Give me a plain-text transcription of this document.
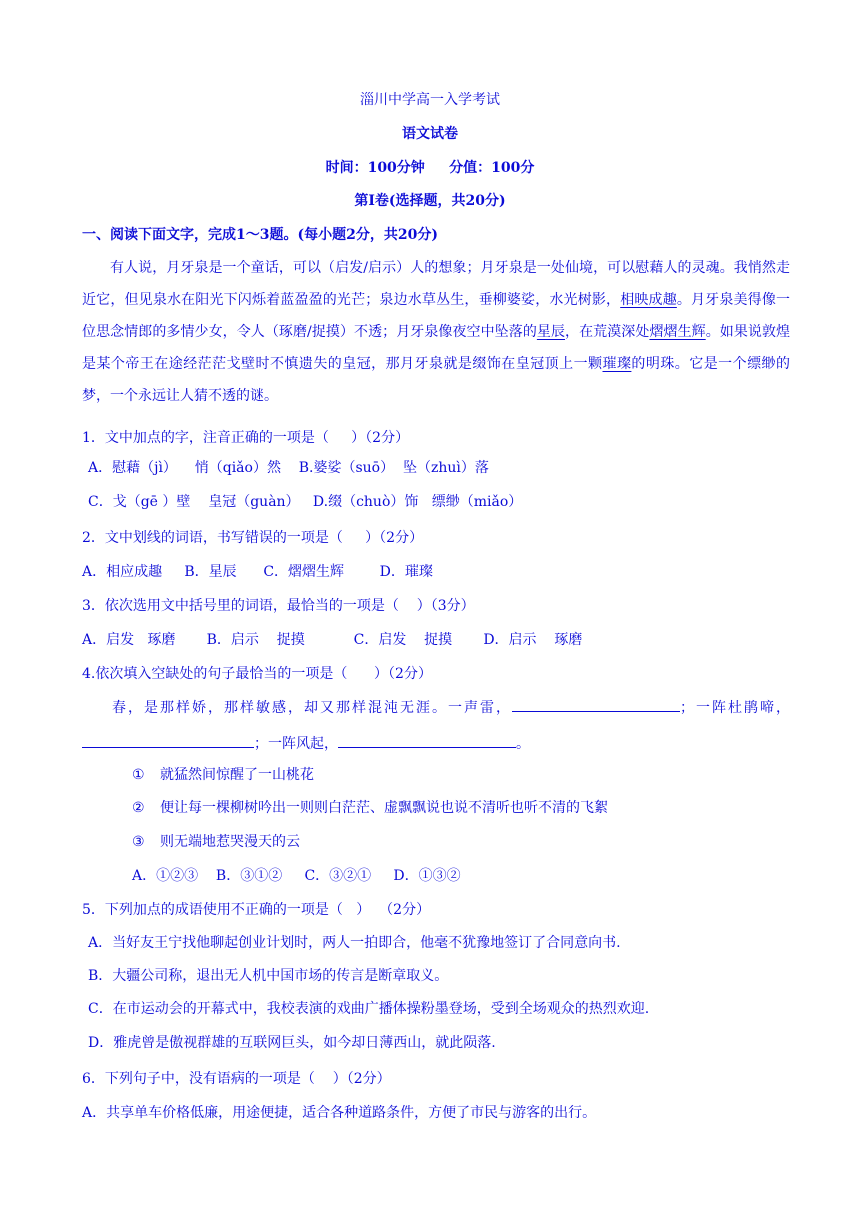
淄川中学高一入学考试
语文试卷
时间：100分钟     分值：100分
第Ⅰ卷(选择题，共20分)
一、阅读下面文字，完成1～3题。(每小题2分，共20分)

有人说，月牙泉是一个童话，可以（启发/启示）人的想象；月牙泉是一处仙境，可以慰藉人的灵魂。我悄然走近它，但见泉水在阳光下闪烁着蓝盈盈的光芒；泉边水草丛生，垂柳婆娑，水光树影，相映成趣。月牙泉美得像一位思念情郎的多情少女，令人（琢磨/捉摸）不透；月牙泉像夜空中坠落的星辰，在荒漠深处熠熠生辉。如果说敦煌是某个帝王在途经茫茫戈壁时不慎遗失的皇冠，那月牙泉就是缀饰在皇冠顶上一颗璀璨的明珠。它是一个缥缈的梦，一个永远让人猜不透的谜。

1．文中加点的字，注音正确的一项是（     ）（2分）
A．慰藉（jì）    悄（qiǎo）然    B.婆娑（suō）  坠（zhuì）落
C．戈（gē ）壁    皇冠（guàn）   D.缀（chuò）饰   缥缈（miǎo）
2．文中划线的词语，书写错误的一项是（     ）（2分）
A．相应成趣     B．星辰      C．熠熠生辉        D．璀璨
3．依次选用文中括号里的词语，最恰当的一项是（    ）（3分）
A．启发   琢磨       B．启示    捉摸           C．启发    捉摸       D．启示    琢磨
4.依次填入空缺处的句子最恰当的一项是（      ）（2分）

春，是那样娇，那样敏感，却又那样混沌无涯。一声雷，	；一阵杜鹃啼，；一阵风起，	。

① 就猛然间惊醒了一山桃花
② 便让每一棵柳树吟出一则则白茫茫、虚飘飘说也说不清听也听不清的飞絮
③ 则无端地惹哭漫天的云
A．①②③    B．③①②     C．③②①     D．①③②
5．下列加点的成语使用不正确的一项是（   ）  （2分）
A．当好友王宁找他聊起创业计划时，两人一拍即合，他毫不犹豫地签订了合同意向书.
B．大疆公司称，退出无人机中国市场的传言是断章取义。
C．在市运动会的开幕式中，我校表演的戏曲广播体操粉墨登场，受到全场观众的热烈欢迎.
D．雅虎曾是傲视群雄的互联网巨头，如今却日薄西山，就此陨落.
6．下列句子中，没有语病的一项是（    ）（2分）
A．共享单车价格低廉，用途便捷，适合各种道路条件，方便了市民与游客的出行。
